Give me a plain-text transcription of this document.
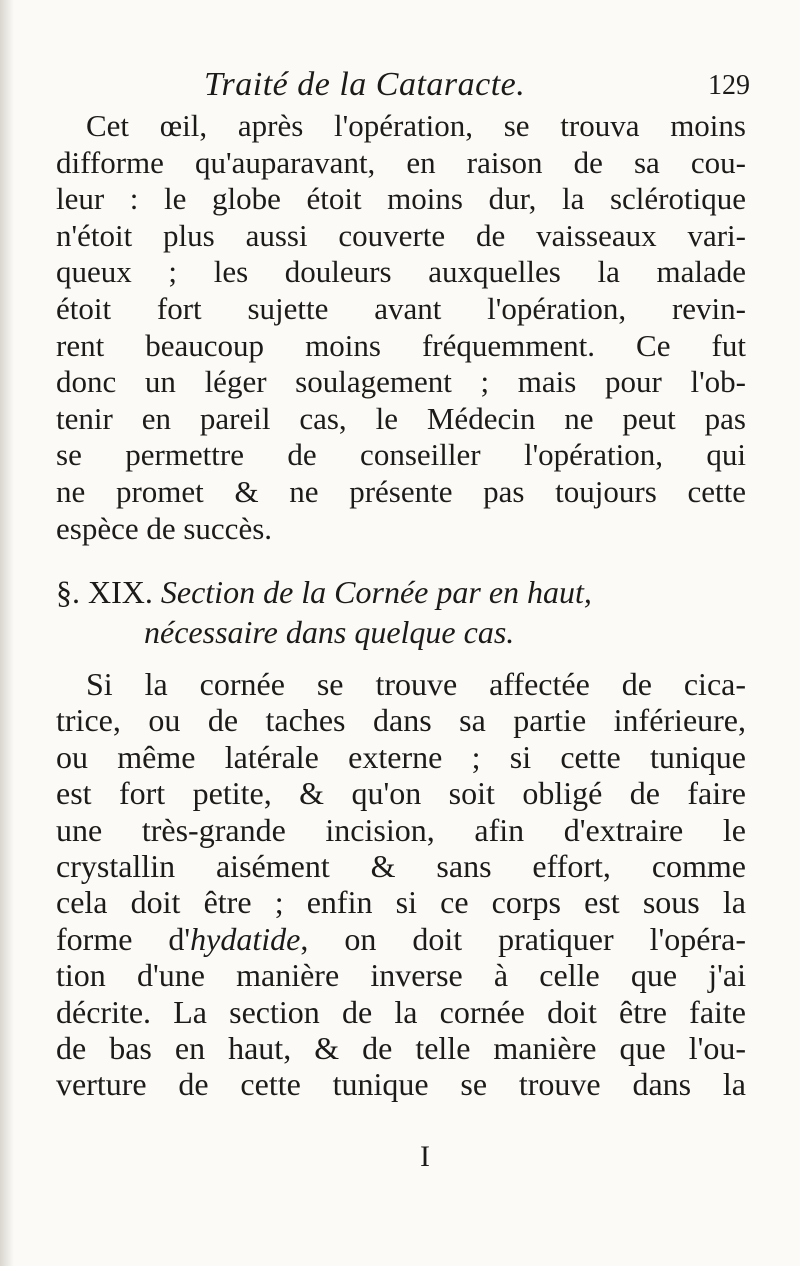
Traité de la Cataracte.	129
Cet œil, après l'opération, se trouva moins
difforme qu'auparavant, en raison de sa cou-
leur : le globe étoit moins dur, la sclérotique
n'étoit plus aussi couverte de vaisseaux vari-
queux ; les douleurs auxquelles la malade
étoit fort sujette avant l'opération, revin-
rent beaucoup moins fréquemment. Ce fut
donc un léger soulagement ; mais pour l'ob-
tenir en pareil cas, le Médecin ne peut pas
se permettre de conseiller l'opération, qui
ne promet & ne présente pas toujours cette
espèce de succès.
§. XIX. Section de la Cornée par en haut,
nécessaire dans quelque cas.
Si la cornée se trouve affectée de cica-
trice, ou de taches dans sa partie inférieure,
ou même latérale externe ; si cette tunique
est fort petite, & qu'on soit obligé de faire
une très-grande incision, afin d'extraire le
crystallin aisément & sans effort, comme
cela doit être ; enfin si ce corps est sous la
forme d'hydatide, on doit pratiquer l'opéra-
tion d'une manière inverse à celle que j'ai
décrite. La section de la cornée doit être faite
de bas en haut, & de telle manière que l'ou-
verture de cette tunique se trouve dans la
I
